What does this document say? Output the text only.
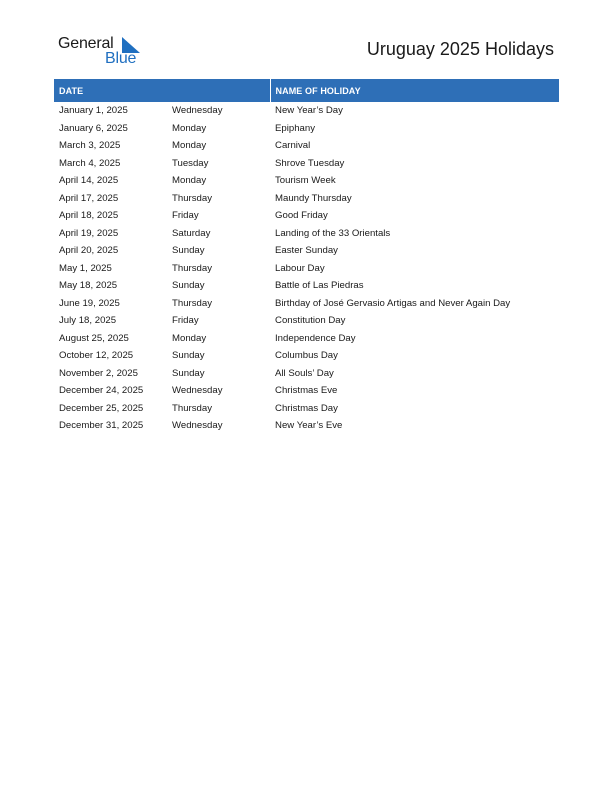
General
Blue	Uruguay 2025 Holidays
DATE		NAME OF HOLIDAY

January 1, 2025	Wednesday	New Year’s Day
January 6, 2025	Monday	Epiphany
March 3, 2025	Monday	Carnival
March 4, 2025	Tuesday	Shrove Tuesday
April 14, 2025	Monday	Tourism Week
April 17, 2025	Thursday	Maundy Thursday
April 18, 2025	Friday	Good Friday
April 19, 2025	Saturday	Landing of the 33 Orientals
April 20, 2025	Sunday	Easter Sunday
May 1, 2025	Thursday	Labour Day
May 18, 2025	Sunday	Battle of Las Piedras
June 19, 2025	Thursday	Birthday of José Gervasio Artigas and Never Again Day
July 18, 2025	Friday	Constitution Day
August 25, 2025	Monday	Independence Day
October 12, 2025	Sunday	Columbus Day
November 2, 2025	Sunday	All Souls’ Day
December 24, 2025	Wednesday	Christmas Eve
December 25, 2025	Thursday	Christmas Day
December 31, 2025	Wednesday	New Year’s Eve
